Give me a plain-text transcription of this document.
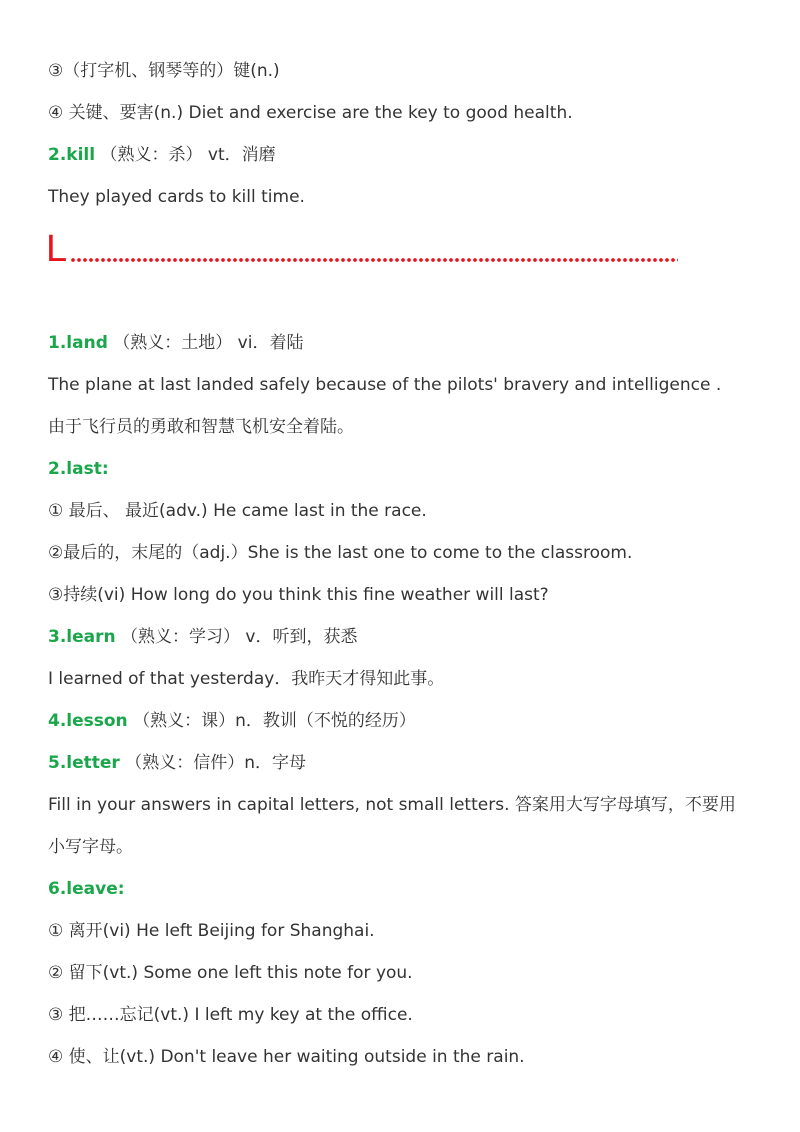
③（打字机、钢琴等的）键(n.)
④ 关键、要害(n.) Diet and exercise are the key to good health.
2.kill （熟义：杀） vt．消磨
They played cards to kill time.
L
1.land （熟义：土地） vi．着陆
The plane at last landed safely because of the pilots' bravery and intelligence .
由于飞行员的勇敢和智慧飞机安全着陆。
2.last:
① 最后、 最近(adv.) He came last in the race.
②最后的，末尾的（adj.）She is the last one to come to the classroom.
③持续(vi) How long do you think this fine weather will last?
3.learn （熟义：学习） v．听到，获悉
I learned of that yesterday．我昨天才得知此事。
4.lesson （熟义：课）n．教训（不悦的经历）
5.letter （熟义：信件）n．字母
Fill in your answers in capital letters, not small letters. 答案用大写字母填写，不要用
小写字母。
6.leave:
① 离开(vi) He left Beijing for Shanghai.
② 留下(vt.) Some one left this note for you.
③ 把……忘记(vt.) I left my key at the office.
④ 使、让(vt.) Don't leave her waiting outside in the rain.
